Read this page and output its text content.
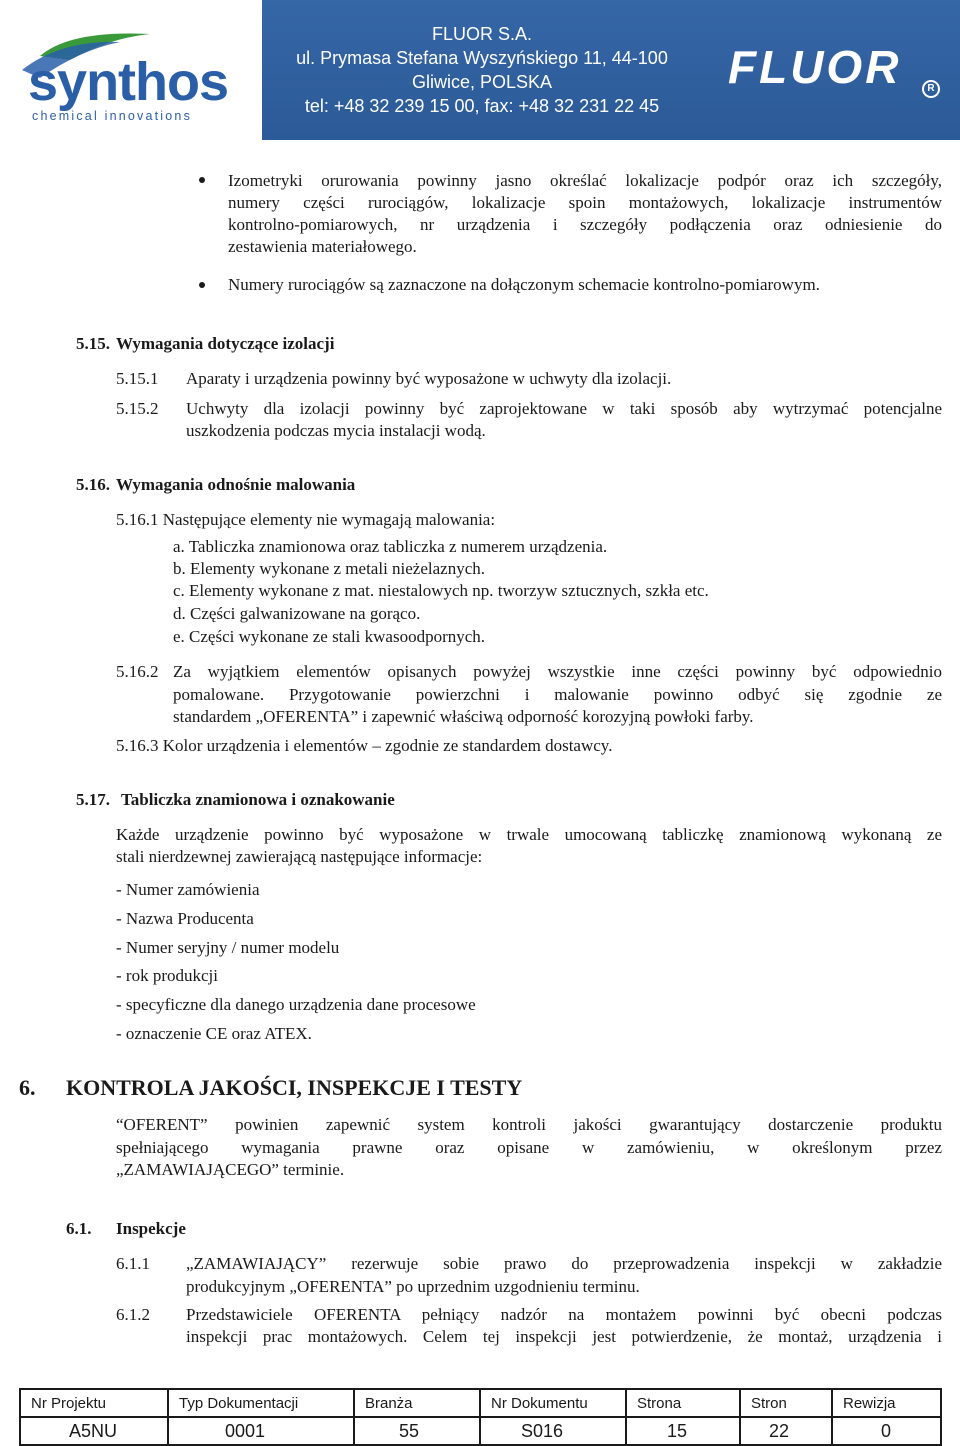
synthos
chemical innovations
FLUOR S.A.
ul. Prymasa Stefana Wyszyńskiego 11, 44-100
Gliwice, POLSKA
tel: +48 32 239 15 00, fax: +48 32 231 22 45
FLUOR	R
Izometryki orurowania powinny jasno określać lokalizacje podpór oraz ich szczegóły,
numery części rurociągów, lokalizacje spoin montażowych, lokalizacje instrumentów
kontrolno-pomiarowych, nr urządzenia i szczegóły podłączenia oraz odniesienie do
zestawienia materiałowego.
Numery rurociągów są zaznaczone na dołączonym schemacie kontrolno-pomiarowym.
5.15. Wymagania dotyczące izolacji
5.15.1 Aparaty i urządzenia powinny być wyposażone w uchwyty dla izolacji.
5.15.2 Uchwyty dla izolacji powinny być zaprojektowane w taki sposób aby wytrzymać potencjalne
uszkodzenia podczas mycia instalacji wodą.
5.16. Wymagania odnośnie malowania
5.16.1 Następujące elementy nie wymagają malowania:
a. Tabliczka znamionowa oraz tabliczka z numerem urządzenia.
b. Elementy wykonane z metali nieżelaznych.
c. Elementy wykonane z mat. niestalowych np. tworzyw sztucznych, szkła etc.
d. Części galwanizowane na gorąco.
e. Części wykonane ze stali kwasoodpornych.
5.16.2 Za wyjątkiem elementów opisanych powyżej wszystkie inne części powinny być odpowiednio
pomalowane. Przygotowanie powierzchni i malowanie powinno odbyć się zgodnie ze
standardem „OFERENTA” i zapewnić właściwą odporność korozyjną powłoki farby.
5.16.3 Kolor urządzenia i elementów – zgodnie ze standardem dostawcy.
5.17. Tabliczka znamionowa i oznakowanie
Każde urządzenie powinno być wyposażone w trwale umocowaną tabliczkę znamionową wykonaną ze
stali nierdzewnej zawierającą następujące informacje:
- Numer zamówienia
- Nazwa Producenta
- Numer seryjny / numer modelu
- rok produkcji
- specyficzne dla danego urządzenia dane procesowe
- oznaczenie CE oraz ATEX.
6. KONTROLA JAKOŚCI, INSPEKCJE I TESTY
“OFERENT” powinien zapewnić system kontroli jakości gwarantujący dostarczenie produktu
spełniającego wymagania prawne oraz opisane w zamówieniu, w określonym przez
„ZAMAWIAJĄCEGO” terminie.
6.1. Inspekcje
6.1.1 „ZAMAWIAJĄCY” rezerwuje sobie prawo do przeprowadzenia inspekcji w zakładzie
produkcyjnym „OFERENTA” po uprzednim uzgodnieniu terminu.
6.1.2 Przedstawiciele OFERENTA pełniący nadzór na montażem powinni być obecni podczas
inspekcji prac montażowych. Celem tej inspekcji jest potwierdzenie, że montaż, urządzenia i
Nr Projektu	Typ Dokumentacji	Branża	Nr Dokumentu	Strona	Stron	Rewizja
A5NU	0001	55	S016	15	22	0
